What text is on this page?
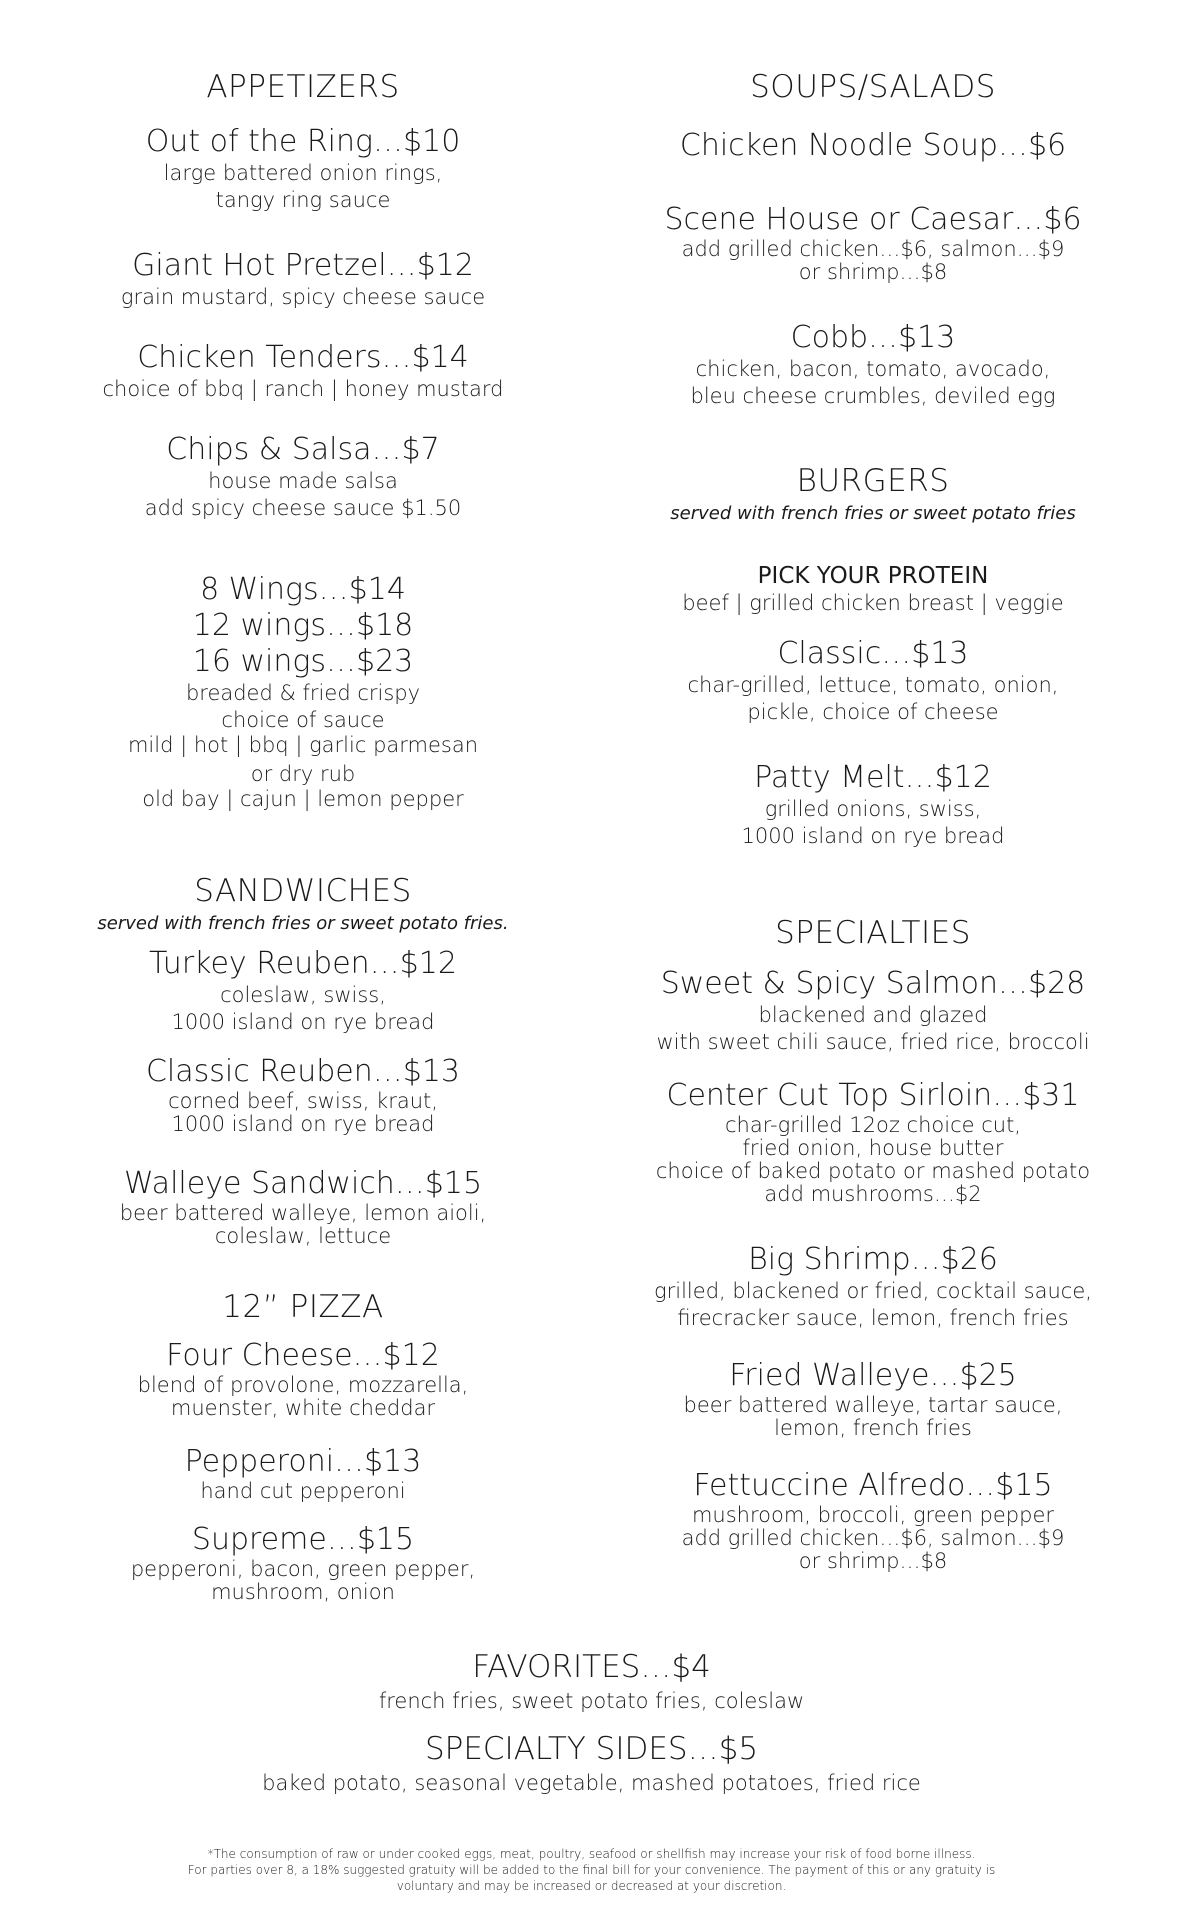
APPETIZERS
Out of the Ring…$10
large battered onion rings,
tangy ring sauce
Giant Hot Pretzel…$12
grain mustard, spicy cheese sauce
Chicken Tenders…$14
choice of bbq | ranch | honey mustard
Chips & Salsa…$7
house made salsa
add spicy cheese sauce $1.50
8 Wings…$14
12 wings…$18
16 wings…$23
breaded & fried crispy
choice of sauce
mild | hot | bbq | garlic parmesan
or dry rub
old bay | cajun | lemon pepper
SANDWICHES
served with french fries or sweet potato fries.
Turkey Reuben…$12
coleslaw, swiss,
1000 island on rye bread
Classic Reuben…$13
corned beef, swiss, kraut,
1000 island on rye bread
Walleye Sandwich…$15
beer battered walleye, lemon aioli,
coleslaw, lettuce
12” PIZZA
Four Cheese…$12
blend of provolone, mozzarella,
muenster, white cheddar
Pepperoni…$13
hand cut pepperoni
Supreme…$15
pepperoni, bacon, green pepper,
mushroom, onion
SOUPS/SALADS
Chicken Noodle Soup…$6
Scene House or Caesar…$6
add grilled chicken…$6, salmon…$9
or shrimp…$8
Cobb…$13
chicken, bacon, tomato, avocado,
bleu cheese crumbles, deviled egg
BURGERS
served with french fries or sweet potato fries
PICK YOUR PROTEIN
beef | grilled chicken breast | veggie
Classic…$13
char-grilled, lettuce, tomato, onion,
pickle, choice of cheese
Patty Melt…$12
grilled onions, swiss,
1000 island on rye bread
SPECIALTIES
Sweet & Spicy Salmon…$28
blackened and glazed
with sweet chili sauce, fried rice, broccoli
Center Cut Top Sirloin…$31
char-grilled 12oz choice cut,
fried onion, house butter
choice of baked potato or mashed potato
add mushrooms…$2
Big Shrimp…$26
grilled, blackened or fried, cocktail sauce,
firecracker sauce, lemon, french fries
Fried Walleye…$25
beer battered walleye, tartar sauce,
lemon, french fries
Fettuccine Alfredo…$15
mushroom, broccoli, green pepper
add grilled chicken…$6, salmon…$9
or shrimp…$8
FAVORITES…$4
french fries, sweet potato fries, coleslaw
SPECIALTY SIDES…$5
baked potato, seasonal vegetable, mashed potatoes, fried rice
*The consumption of raw or under cooked eggs, meat, poultry, seafood or shellfish may increase your risk of food borne illness.
For parties over 8, a 18% suggested gratuity will be added to the final bill for your convenience. The payment of this or any gratuity is
voluntary and may be increased or decreased at your discretion.
